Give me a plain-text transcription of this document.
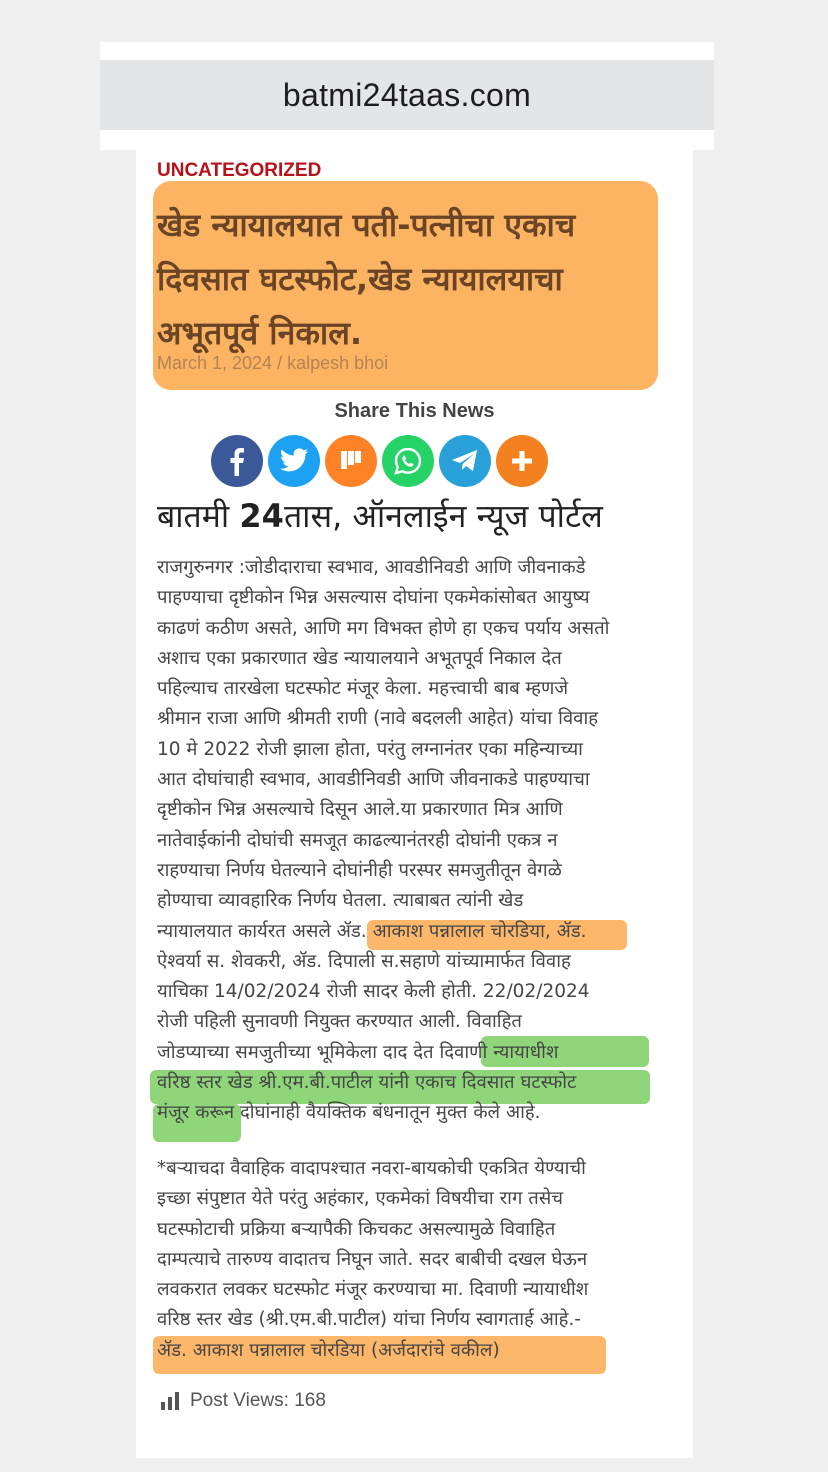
batmi24taas.com
UNCATEGORIZED
खेड न्यायालयात पती-पत्नीचा एकाच
दिवसात घटस्फोट,खेड न्यायालयाचा
अभूतपूर्व निकाल.
March 1, 2024 / kalpesh bhoi
Share This News
बातमी 24तास, ऑनलाईन न्यूज पोर्टल
राजगुरुनगर :जोडीदाराचा स्वभाव, आवडीनिवडी आणि जीवनाकडे
पाहण्याचा दृष्टीकोन भिन्न असल्यास दोघांना एकमेकांसोबत आयुष्य
काढणं कठीण असते, आणि मग विभक्त होणे हा एकच पर्याय असतो
अशाच एका प्रकारणात खेड न्यायालयाने अभूतपूर्व निकाल देत
पहिल्याच तारखेला घटस्फोट मंजूर केला. महत्त्वाची बाब म्हणजे
श्रीमान राजा आणि श्रीमती राणी (नावे बदलली आहेत) यांचा विवाह
10 मे 2022 रोजी झाला होता, परंतु लग्नानंतर एका महिन्याच्या
आत दोघांचाही स्वभाव, आवडीनिवडी आणि जीवनाकडे पाहण्याचा
दृष्टीकोन भिन्न असल्याचे दिसून आले.या प्रकारणात मित्र आणि
नातेवाईकांनी दोघांची समजूत काढल्यानंतरही दोघांनी एकत्र न
राहण्याचा निर्णय घेतल्याने दोघांनीही परस्पर समजुतीतून वेगळे
होण्याचा व्यावहारिक निर्णय घेतला. त्याबाबत त्यांनी खेड
न्यायालयात कार्यरत असले ॲड. आकाश पन्नालाल चोरडिया, ॲड.
ऐश्वर्या स. शेवकरी, ॲड. दिपाली स.सहाणे यांच्यामार्फत विवाह
याचिका 14/02/2024 रोजी सादर केली होती. 22/02/2024
रोजी पहिली सुनावणी नियुक्त करण्यात आली. विवाहित
जोडप्याच्या समजुतीच्या भूमिकेला दाद देत दिवाणी न्यायाधीश
वरिष्ठ स्तर खेड श्री.एम.बी.पाटील यांनी एकाच दिवसात घटस्फोट
मंजूर करून दोघांनाही वैयक्तिक बंधनातून मुक्त केले आहे.
*बऱ्याचदा वैवाहिक वादापश्चात नवरा-बायकोची एकत्रित येण्याची
इच्छा संपुष्टात येते परंतु अहंकार, एकमेकां विषयीचा राग तसेच
घटस्फोटाची प्रक्रिया बऱ्यापैकी किचकट असल्यामुळे विवाहित
दाम्पत्याचे तारुण्य वादातच निघून जाते. सदर बाबीची दखल घेऊन
लवकरात लवकर घटस्फोट मंजूर करण्याचा मा. दिवाणी न्यायाधीश
वरिष्ठ स्तर खेड (श्री.एम.बी.पाटील) यांचा निर्णय स्वागतार्ह आहे.-
ॲड. आकाश पन्नालाल चोरडिया (अर्जदारांचे वकील)
Post Views: 168
